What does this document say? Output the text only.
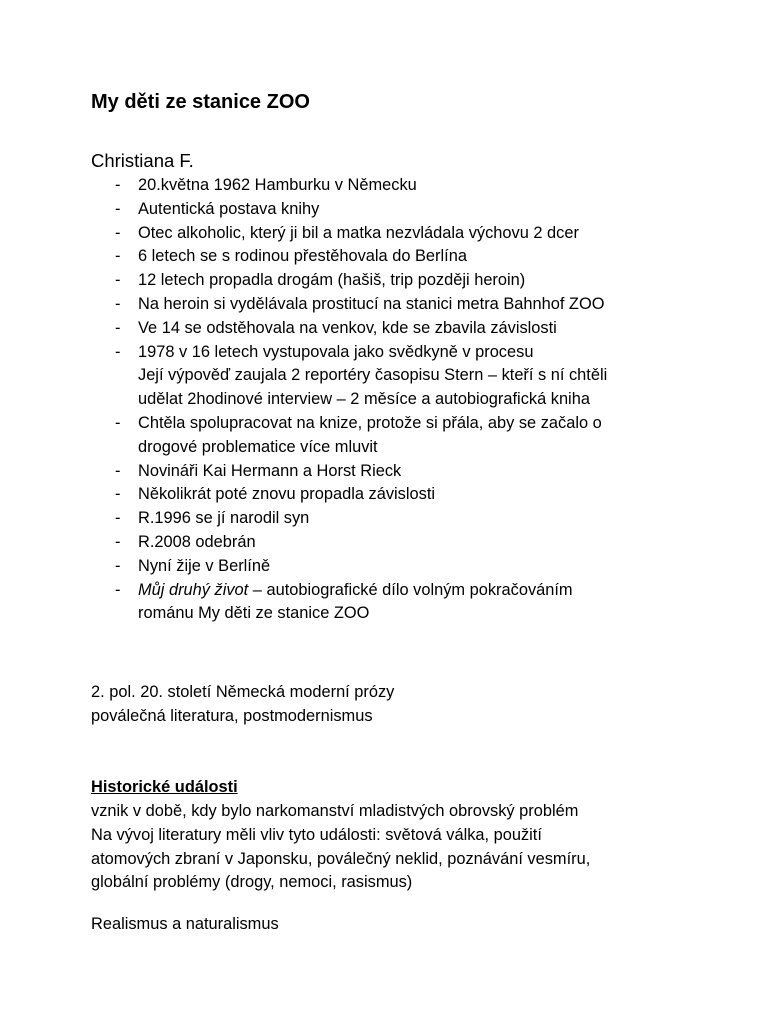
My děti ze stanice ZOO

Christiana F.

- 20.května 1962 Hamburku v Německu
- Autentická postava knihy
- Otec alkoholic, který ji bil a matka nezvládala výchovu 2 dcer
- 6 letech se s rodinou přestěhovala do Berlína
- 12 letech propadla drogám (hašiš, trip později heroin)
- Na heroin si vydělávala prostitucí na stanici metra Bahnhof ZOO
- Ve 14 se odstěhovala na venkov, kde se zbavila závislosti
- 1978 v 16 letech vystupovala jako svědkyně v procesu
Její výpověď zaujala 2 reportéry časopisu Stern – kteří s ní chtěli
udělat 2hodinové interview – 2 měsíce a autobiografická kniha
- Chtěla spolupracovat na knize, protože si přála, aby se začalo o
drogové problematice více mluvit
- Novináři Kai Hermann a Horst Rieck
- Několikrát poté znovu propadla závislosti
- R.1996 se jí narodil syn
- R.2008 odebrán
- Nyní žije v Berlíně
- Můj druhý život – autobiografické dílo volným pokračováním
románu My děti ze stanice ZOO
2. pol. 20. století Německá moderní prózy
poválečná literatura, postmodernismus

Historické události

vznik v době, kdy bylo narkomanství mladistvých obrovský problém
Na vývoj literatury měli vliv tyto události: světová válka, použití
atomových zbraní v Japonsku, poválečný neklid, poznávání vesmíru,
globální problémy (drogy, nemoci, rasismus)

Realismus a naturalismus
